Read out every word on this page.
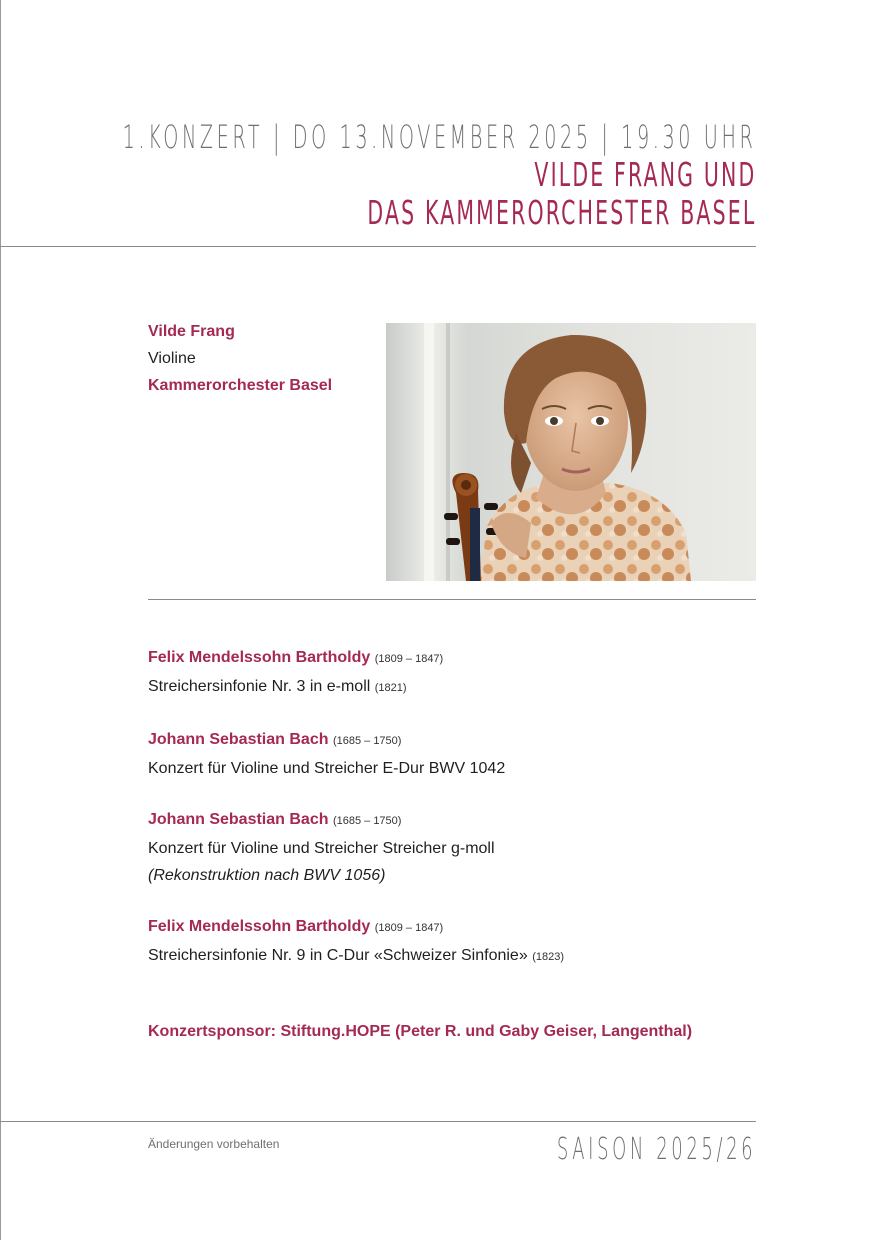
1.KONZERT | DO 13.NOVEMBER 2025 | 19.30 UHR
VILDE FRANG UND
DAS KAMMERORCHESTER BASEL
Vilde Frang
Violine
Kammerorchester Basel
Felix Mendelssohn Bartholdy (1809 – 1847)
Streichersinfonie Nr. 3 in e-moll (1821)
Johann Sebastian Bach (1685 – 1750)
Konzert für Violine und Streicher E-Dur BWV 1042
Johann Sebastian Bach (1685 – 1750)
Konzert für Violine und Streicher Streicher g-moll
(Rekonstruktion nach BWV 1056)
Felix Mendelssohn Bartholdy (1809 – 1847)
Streichersinfonie Nr. 9 in C-Dur «Schweizer Sinfonie» (1823)
Konzertsponsor: Stiftung.HOPE (Peter R. und Gaby Geiser, Langenthal)
Änderungen vorbehalten	SAISON 2025/26
